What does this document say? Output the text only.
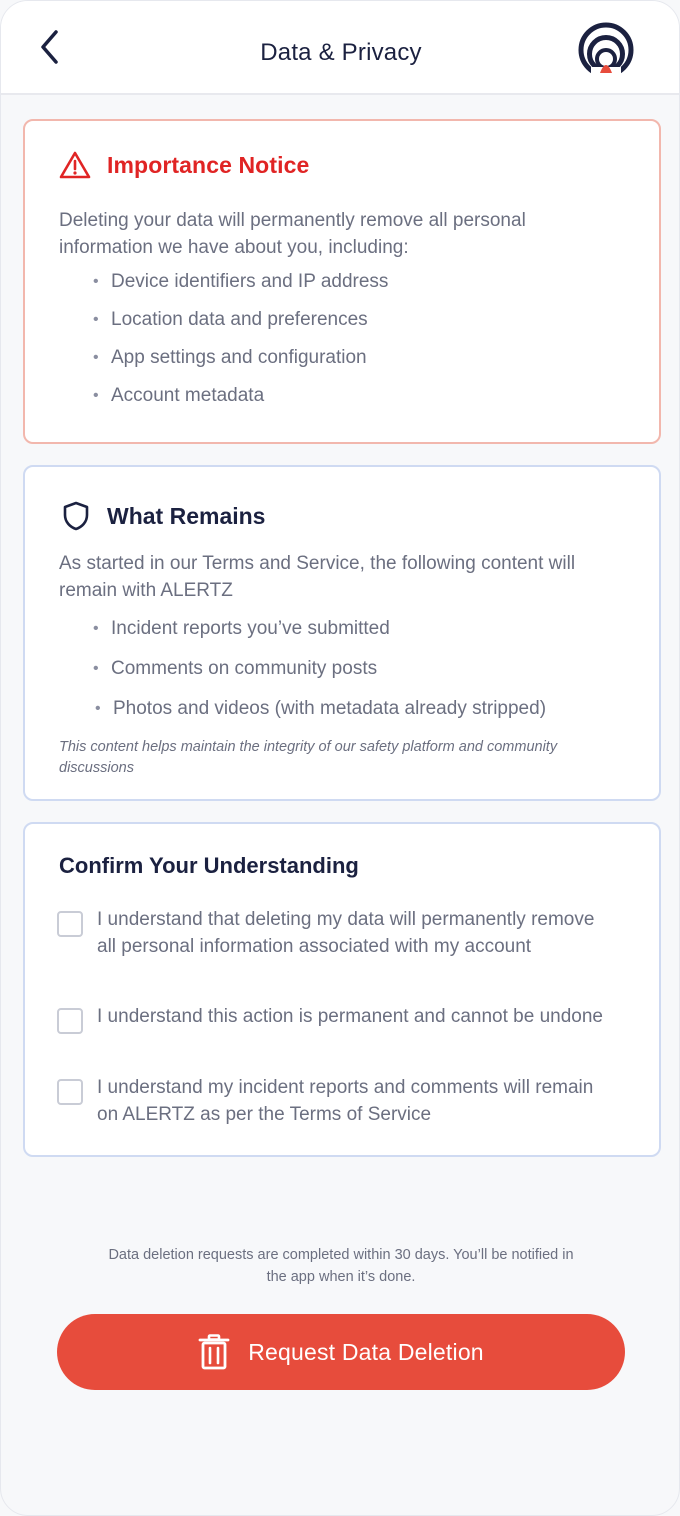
Data & Privacy
Importance Notice
Deleting your data will permanently remove all personal information we have about you, including:
• Device identifiers and IP address
• Location data and preferences
• App settings and configuration
• Account metadata
What Remains
As started in our Terms and Service, the following content will remain with ALERTZ
• Incident reports you’ve submitted
• Comments on community posts
• Photos and videos (with metadata already stripped)
This content helps maintain the integrity of our safety platform and community discussions
Confirm Your Understanding
I understand that deleting my data will permanently remove all personal information associated with my account
I understand this action is permanent and cannot be undone
I understand my incident reports and comments will remain on ALERTZ as per the Terms of Service
Data deletion requests are completed within 30 days. You’ll be notified in the app when it’s done.
Request Data Deletion
